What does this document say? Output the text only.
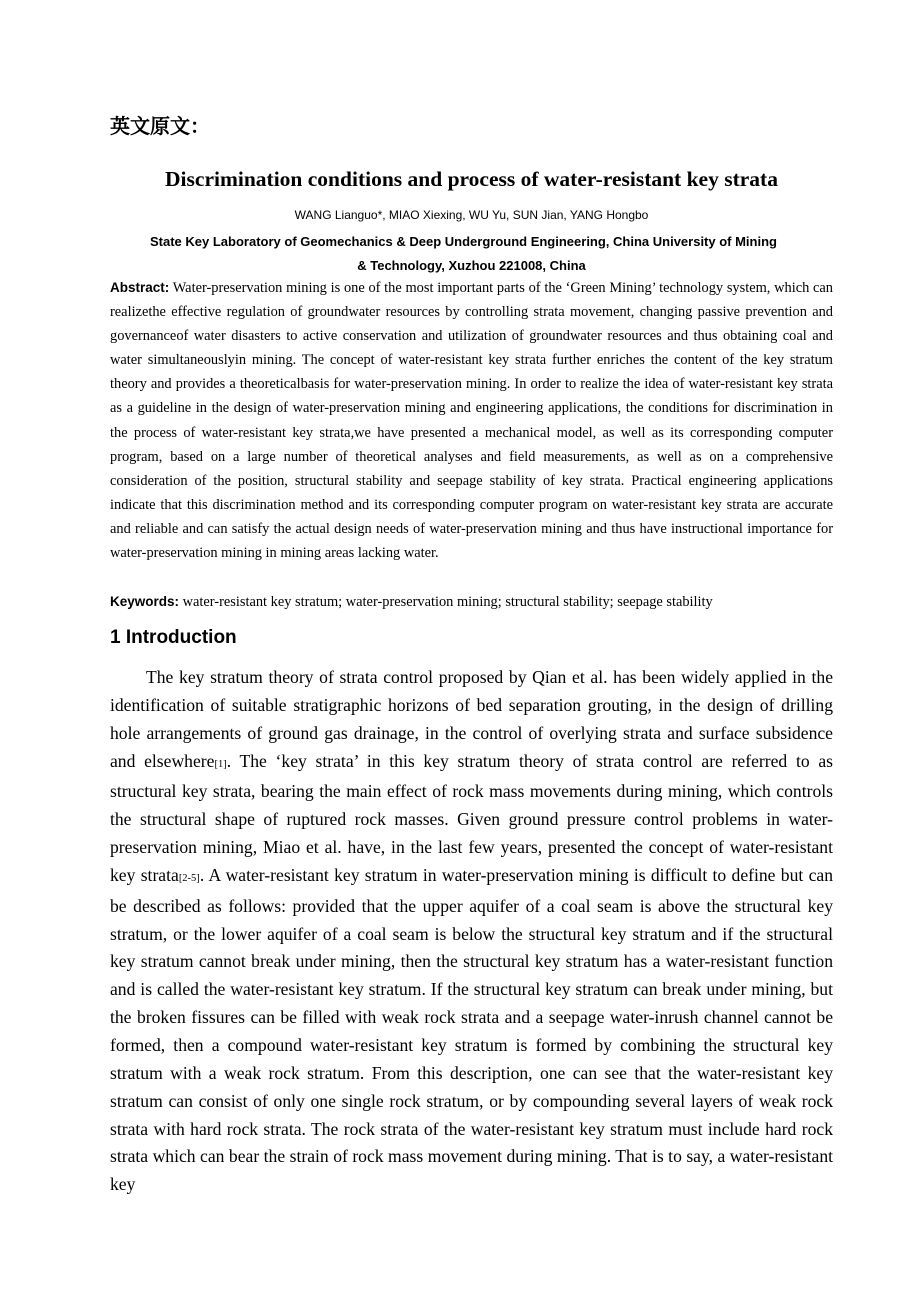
英文原文：
Discrimination conditions and process of water-resistant key strata
WANG Lianguo*, MIAO Xiexing, WU Yu, SUN Jian, YANG Hongbo
State Key Laboratory of Geomechanics & Deep Underground Engineering, China University of Mining
& Technology, Xuzhou 221008, China
Abstract: Water-preservation mining is one of the most important parts of the ‘Green Mining’ technology system, which can realizethe effective regulation of groundwater resources by controlling strata movement, changing passive prevention and governanceof water disasters to active conservation and utilization of groundwater resources and thus obtaining coal and water simultaneouslyin mining. The concept of water-resistant key strata further enriches the content of the key stratum theory and provides a theoreticalbasis for water-preservation mining. In order to realize the idea of water-resistant key strata as a guideline in the design of water-preservation mining and engineering applications, the conditions for discrimination in the process of water-resistant key strata,we have presented a mechanical model, as well as its corresponding computer program, based on a large number of theoretical analyses and field measurements, as well as on a comprehensive consideration of the position, structural stability and seepage stability of key strata. Practical engineering applications indicate that this discrimination method and its corresponding computer program on water-resistant key strata are accurate and reliable and can satisfy the actual design needs of water-preservation mining and thus have instructional importance for water-preservation mining in mining areas lacking water.
Keywords: water-resistant key stratum; water-preservation mining; structural stability; seepage stability
1 Introduction
The key stratum theory of strata control proposed by Qian et al. has been widely applied in the identification of suitable stratigraphic horizons of bed separation grouting, in the design of drilling hole arrangements of ground gas drainage, in the control of overlying strata and surface subsidence and elsewhere[1]. The ‘key strata’ in this key stratum theory of strata control are referred to as structural key strata, bearing the main effect of rock mass movements during mining, which controls the structural shape of ruptured rock masses. Given ground pressure control problems in water-preservation mining, Miao et al. have, in the last few years, presented the concept of water-resistant key strata[2-5]. A water-resistant key stratum in water-preservation mining is difficult to define but can be described as follows: provided that the upper aquifer of a coal seam is above the structural key stratum, or the lower aquifer of a coal seam is below the structural key stratum and if the structural key stratum cannot break under mining, then the structural key stratum has a water-resistant function and is called the water-resistant key stratum. If the structural key stratum can break under mining, but the broken fissures can be filled with weak rock strata and a seepage water-inrush channel cannot be formed, then a compound water-resistant key stratum is formed by combining the structural key stratum with a weak rock stratum. From this description, one can see that the water-resistant key stratum can consist of only one single rock stratum, or by compounding several layers of weak rock strata with hard rock strata. The rock strata of the water-resistant key stratum must include hard rock strata which can bear the strain of rock mass movement during mining. That is to say, a water-resistant key
